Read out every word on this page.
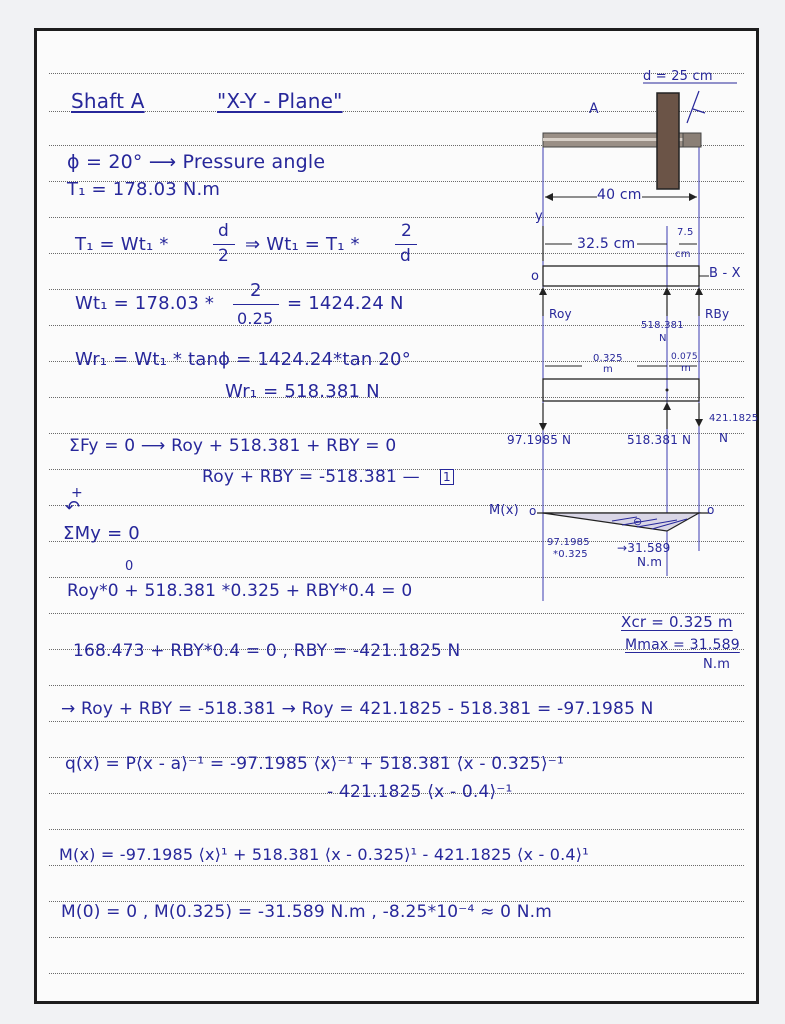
Shaft A	"X-Y - Plane"
ϕ = 20° ⟶ Pressure angle
T₁ = 178.03 N.m
T₁ = Wt₁ *
d
2
⇒ Wt₁ = T₁ *
2
d
Wt₁ = 178.03 *
2
0.25
= 1424.24 N
Wr₁ = Wt₁ * tanϕ = 1424.24*tan 20°
Wr₁ = 518.381 N
ΣFy = 0 ⟶ Roy + 518.381 + RBY = 0
Roy + RBY = -518.381 — 1
+
↶
ΣMy = 0
0
Roy*0 + 518.381 *0.325 + RBY*0.4 = 0
168.473 + RBY*0.4 = 0 , RBY = -421.1825 N
→ Roy + RBY = -518.381 → Roy = 421.1825 - 518.381 = -97.1985 N
q(x) = P⟨x - a⟩⁻¹ = -97.1985 ⟨x⟩⁻¹ + 518.381 ⟨x - 0.325⟩⁻¹
- 421.1825 ⟨x - 0.4⟩⁻¹
M(x) = -97.1985 ⟨x⟩¹ + 518.381 ⟨x - 0.325⟩¹ - 421.1825 ⟨x - 0.4⟩¹
M(0) = 0 , M(0.325) = -31.589 N.m , -8.25*10⁻⁴ ≈ 0 N.m
⊖
d = 25 cm
A
y
40 cm
32.5 cm
7.5
cm
o	B - X
Roy	RBy
518.381
N
0.325
m
0.075
m
97.1985 N	518.381 N
421.1825
N
M(x) o	o
97.1985
*0.325 →31.589
N.m
Xcr = 0.325 m
Mmax = 31.589
N.m
